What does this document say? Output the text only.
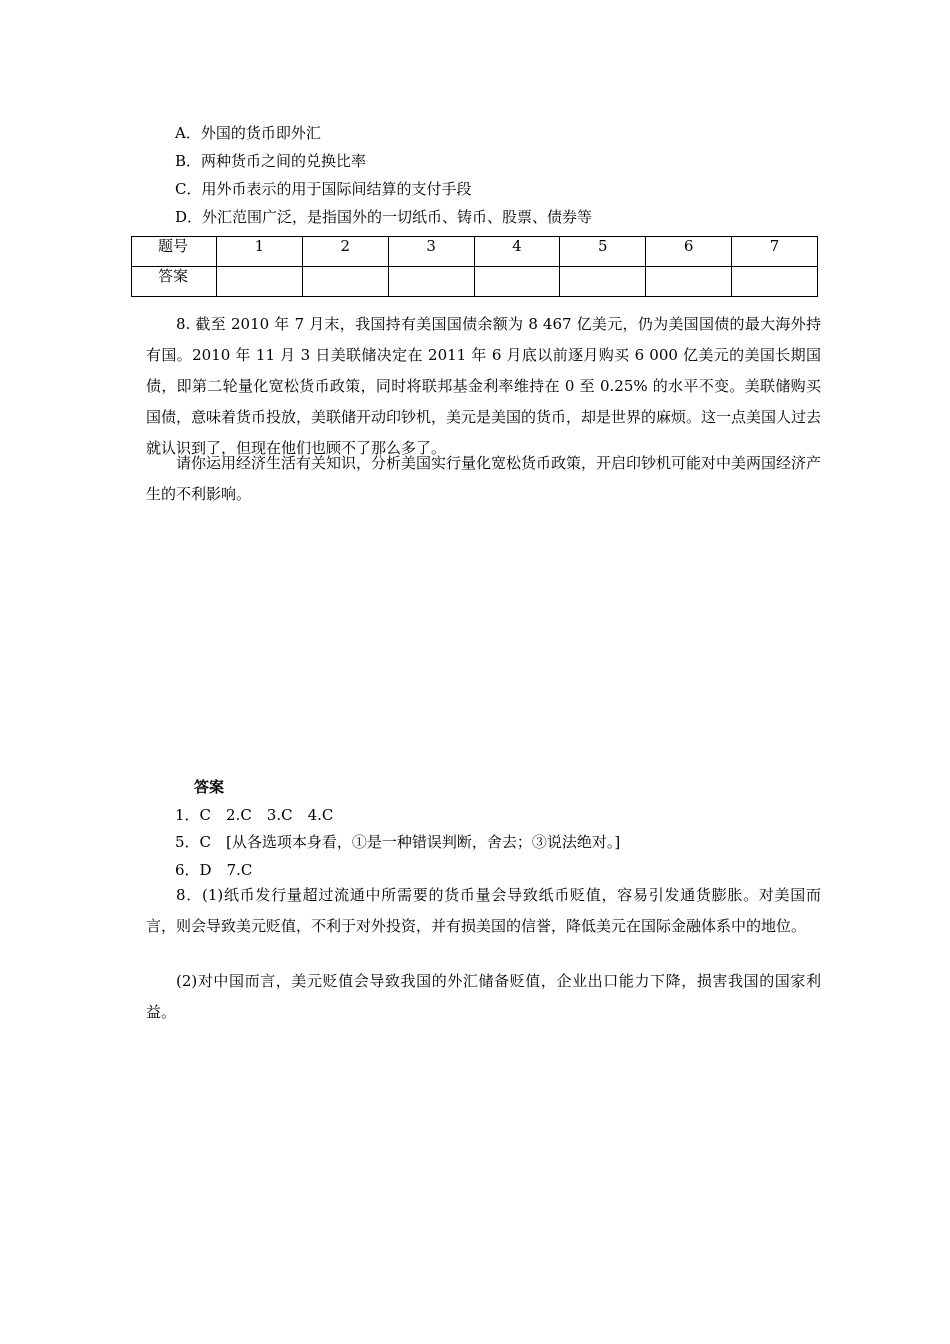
A．外国的货币即外汇
B．两种货币之间的兑换比率
C．用外币表示的用于国际间结算的支付手段
D．外汇范围广泛，是指国外的一切纸币、铸币、股票、债券等
题号	1	2	3	4	5	6	7
答案							
8. 截至 2010 年 7 月末，我国持有美国国债余额为 8 467 亿美元，仍为美国国债的最大海外持有国。2010 年 11 月 3 日美联储决定在 2011 年 6 月底以前逐月购买 6 000 亿美元的美国长期国债，即第二轮量化宽松货币政策，同时将联邦基金利率维持在 0 至 0.25% 的水平不变。美联储购买国债，意味着货币投放，美联储开动印钞机，美元是美国的货币，却是世界的麻烦。这一点美国人过去就认识到了，但现在他们也顾不了那么多了。
请你运用经济生活有关知识，分析美国实行量化宽松货币政策，开启印钞机可能对中美两国经济产生的不利影响。
答案
1．C　2.C　3.C　4.C
5．C　[从各选项本身看，①是一种错误判断，舍去；③说法绝对。]
6．D　7.C
8．(1)纸币发行量超过流通中所需要的货币量会导致纸币贬值，容易引发通货膨胀。对美国而言，则会导致美元贬值，不利于对外投资，并有损美国的信誉，降低美元在国际金融体系中的地位。
(2)对中国而言，美元贬值会导致我国的外汇储备贬值，企业出口能力下降，损害我国的国家利益。
